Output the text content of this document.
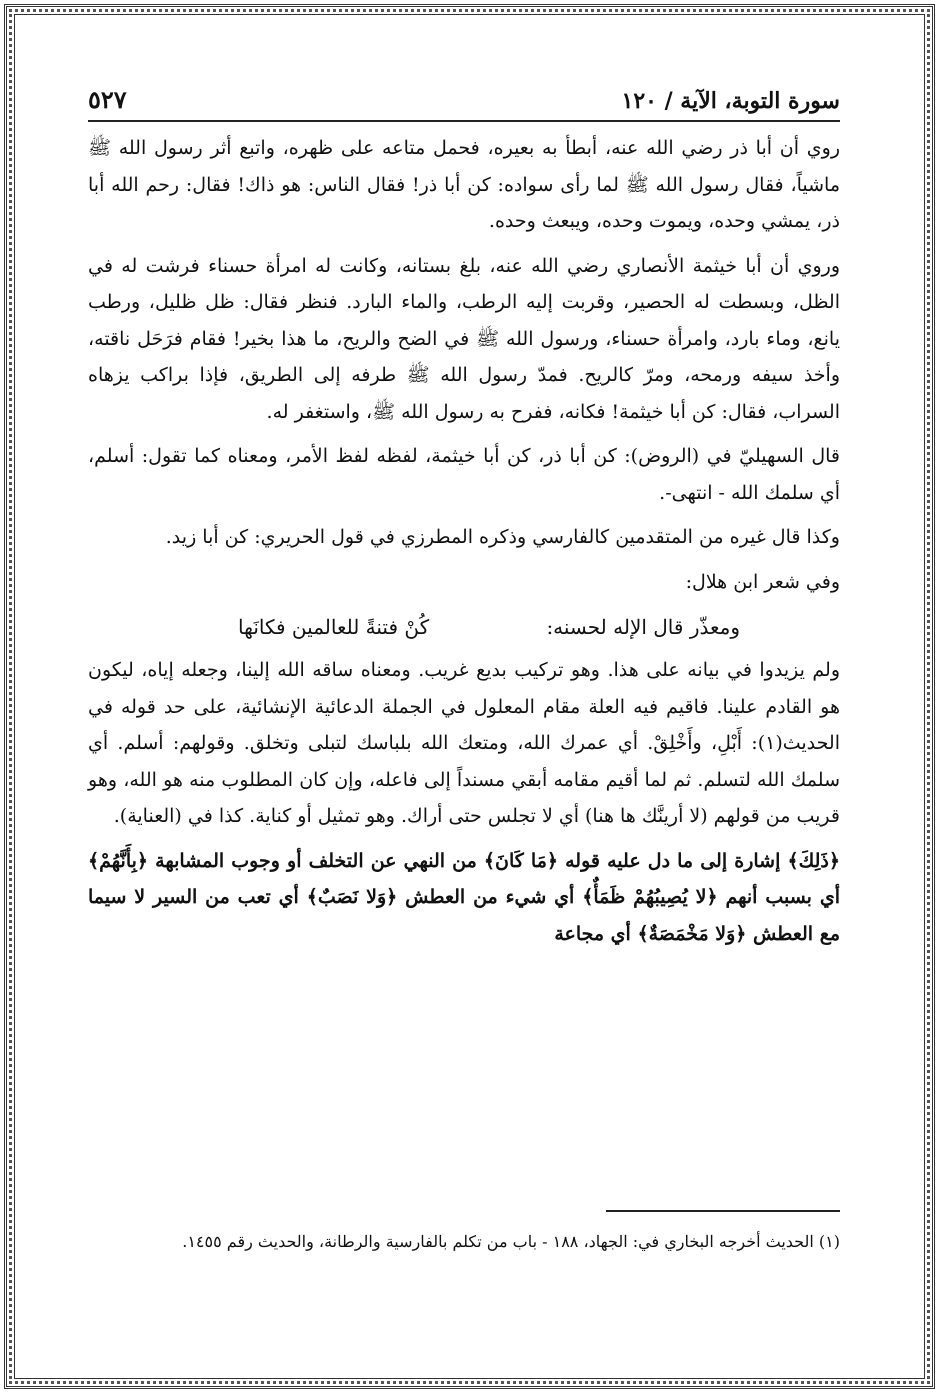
سورة التوبة، الآية / ١٢٠
٥٢٧

روي أن أبا ذر رضي الله عنه، أبطأ به بعيره، فحمل متاعه على ظهره، واتبع أثر رسول الله ﷺ ماشياً، فقال رسول الله ﷺ لما رأى سواده: كن أبا ذر! فقال الناس: هو ذاك! فقال: رحم الله أبا ذر، يمشي وحده، ويموت وحده، ويبعث وحده.

وروي أن أبا خيثمة الأنصاري رضي الله عنه، بلغ بستانه، وكانت له امرأة حسناء فرشت له في الظل، وبسطت له الحصير، وقربت إليه الرطب، والماء البارد. فنظر فقال: ظل ظليل، ورطب يانع، وماء بارد، وامرأة حسناء، ورسول الله ﷺ في الضح والريح، ما هذا بخير! فقام فرَحَل ناقته، وأخذ سيفه ورمحه، ومرّ كالريح. فمدّ رسول الله ﷺ طرفه إلى الطريق، فإذا براكب يزهاه السراب، فقال: كن أبا خيثمة! فكانه، ففرح به رسول الله ﷺ، واستغفر له.

قال السهيليّ في (الروض): كن أبا ذر، كن أبا خيثمة، لفظه لفظ الأمر، ومعناه كما تقول: أسلم، أي سلمك الله - انتهى-.

وكذا قال غيره من المتقدمين كالفارسي وذكره المطرزي في قول الحريري: كن أبا زيد.

وفي شعر ابن هلال:

ومعذّر قال الإله لحسنه:
كُنْ فتنةً للعالمين فكانَها

ولم يزيدوا في بيانه على هذا. وهو تركيب بديع غريب. ومعناه ساقه الله إلينا، وجعله إياه، ليكون هو القادم علينا. فاقيم فيه العلة مقام المعلول في الجملة الدعائية الإنشائية، على حد قوله في الحديث(١): أَبْلِ، وأَخْلِقْ. أي عمرك الله، ومتعك الله بلباسك لتبلى وتخلق. وقولهم: أسلم. أي سلمك الله لتسلم. ثم لما أقيم مقامه أبقي مسنداً إلى فاعله، وإن كان المطلوب منه هو الله، وهو قريب من قولهم (لا أرينَّك ها هنا) أي لا تجلس حتى أراك. وهو تمثيل أو كناية. كذا في (العناية).

﴿ذَلِكَ﴾ إشارة إلى ما دل عليه قوله ﴿مَا كَانَ﴾ من النهي عن التخلف أو وجوب المشابهة ﴿بِأَنَّهُمْ﴾ أي بسبب أنهم ﴿لا يُصِيبُهُمْ ظَمَأٌ﴾ أي شيء من العطش ﴿وَلا نَصَبٌ﴾ أي تعب من السير لا سيما مع العطش ﴿وَلا مَخْمَصَةٌ﴾ أي مجاعة

(١) الحديث أخرجه البخاري في: الجهاد، ١٨٨ - باب من تكلم بالفارسية والرطانة، والحديث رقم ١٤٥٥.
